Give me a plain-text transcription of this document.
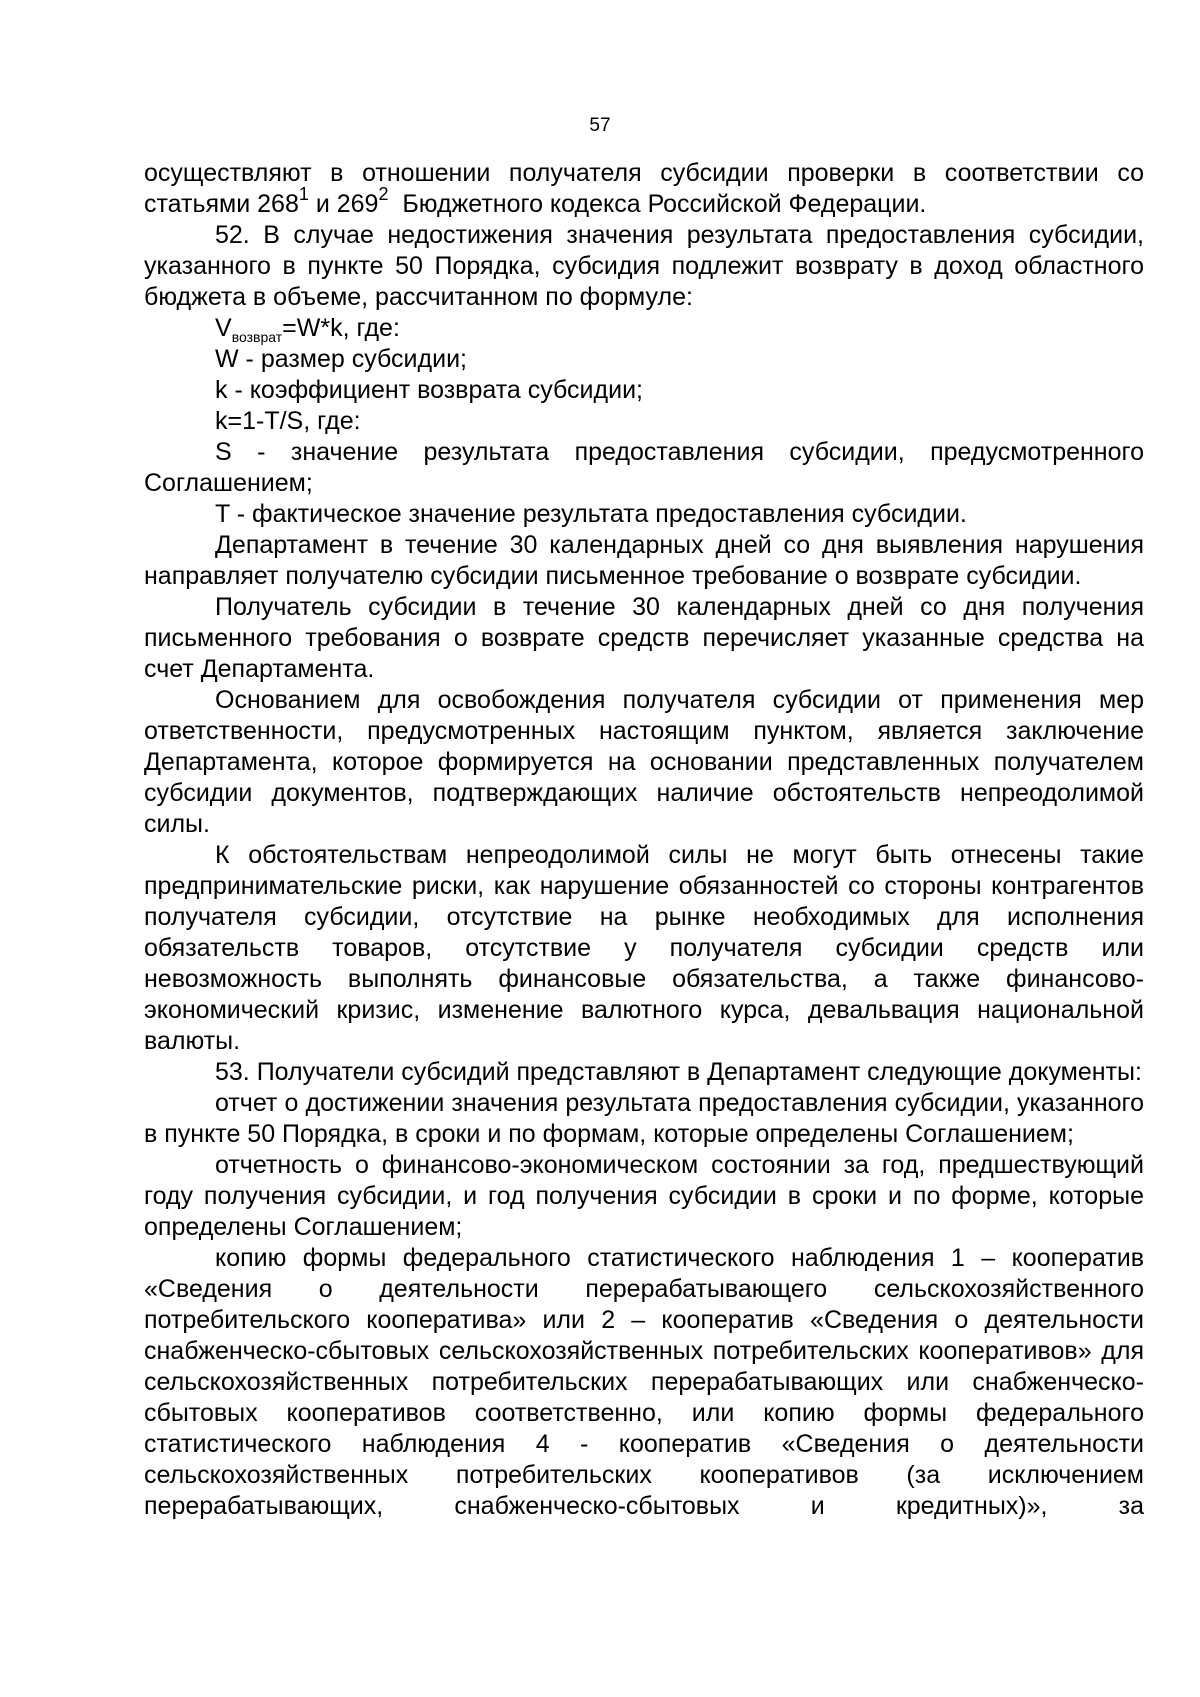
57

осуществляют в отношении получателя субсидии проверки в соответствии со

статьями $268^1$ и $269^2$  Бюджетного кодекса Российской Федерации.

52. В случае недостижения значения результата предоставления субсидии, указанного в пункте 50 Порядка, субсидия подлежит возврату в доход областного бюджета в объеме, рассчитанном по формуле:

$V_{возврат}=W*k$, где:

W - размер субсидии;

k - коэффициент возврата субсидии;

k=1-T/S, где:

S - значение результата предоставления субсидии, предусмотренного Соглашением;

T - фактическое значение результата предоставления субсидии.

Департамент в течение 30 календарных дней со дня выявления нарушения направляет получателю субсидии письменное требование о возврате субсидии.

Получатель субсидии в течение 30 календарных дней со дня получения письменного требования о возврате средств перечисляет указанные средства на счет Департамента.

Основанием для освобождения получателя субсидии от применения мер ответственности, предусмотренных настоящим пунктом, является заключение Департамента, которое формируется на основании представленных получателем субсидии документов, подтверждающих наличие обстоятельств непреодолимой силы.

К обстоятельствам непреодолимой силы не могут быть отнесены такие предпринимательские риски, как нарушение обязанностей со стороны контрагентов получателя субсидии, отсутствие на рынке необходимых для исполнения обязательств товаров, отсутствие у получателя субсидии средств или невозможность выполнять финансовые обязательства, а также финансово-экономический кризис, изменение валютного курса, девальвация национальной валюты.

53. Получатели субсидий представляют в Департамент следующие документы:

отчет о достижении значения результата предоставления субсидии, указанного в пункте 50 Порядка, в сроки и по формам, которые определены Соглашением;

отчетность о финансово-экономическом состоянии за год, предшествующий году получения субсидии, и год получения субсидии в сроки и по форме, которые определены Соглашением;

копию формы федерального статистического наблюдения 1 – кооператив «Сведения о деятельности перерабатывающего сельскохозяйственного потребительского кооператива» или 2 – кооператив «Сведения о деятельности снабженческо-сбытовых сельскохозяйственных потребительских кооперативов» для сельскохозяйственных потребительских перерабатывающих или снабженческо-сбытовых кооперативов соответственно, или копию формы федерального статистического наблюдения 4 - кооператив «Сведения о деятельности сельскохозяйственных потребительских кооперативов (за исключением перерабатывающих, снабженческо-сбытовых и кредитных)», за
